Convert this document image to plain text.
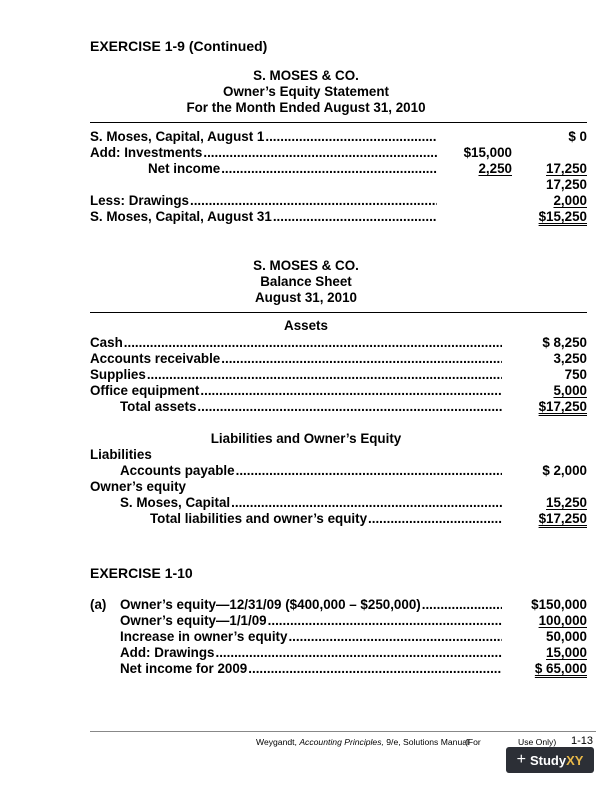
EXERCISE 1-9 (Continued)
S. MOSES & CO.
Owner’s Equity Statement
For the Month Ended August 31, 2010
S. Moses, Capital, August 1 .....	$ 0
Add: Investments .....	$15,000
Net income .....	2,250	17,250
17,250
Less: Drawings .....	2,000
S. Moses, Capital, August 31 .....	$15,250
S. MOSES & CO.
Balance Sheet
August 31, 2010
Assets
Cash .....	$ 8,250
Accounts receivable .....	3,250
Supplies .....	750
Office equipment .....	5,000
Total assets .....	$17,250
Liabilities and Owner’s Equity
Liabilities
Accounts payable .....	$ 2,000
Owner’s equity
S. Moses, Capital .....	15,250
Total liabilities and owner’s equity .....	$17,250
EXERCISE 1-10
(a) Owner’s equity—12/31/09 ($400,000 – $250,000) .....	$150,000
Owner’s equity—1/1/09 .....	100,000
Increase in owner’s equity .....	50,000
Add: Drawings .....	15,000
Net income for 2009 .....	$ 65,000
Weygandt, Accounting Principles, 9/e, Solutions Manual
(For	Use Only) 1-13
+ StudyXY
